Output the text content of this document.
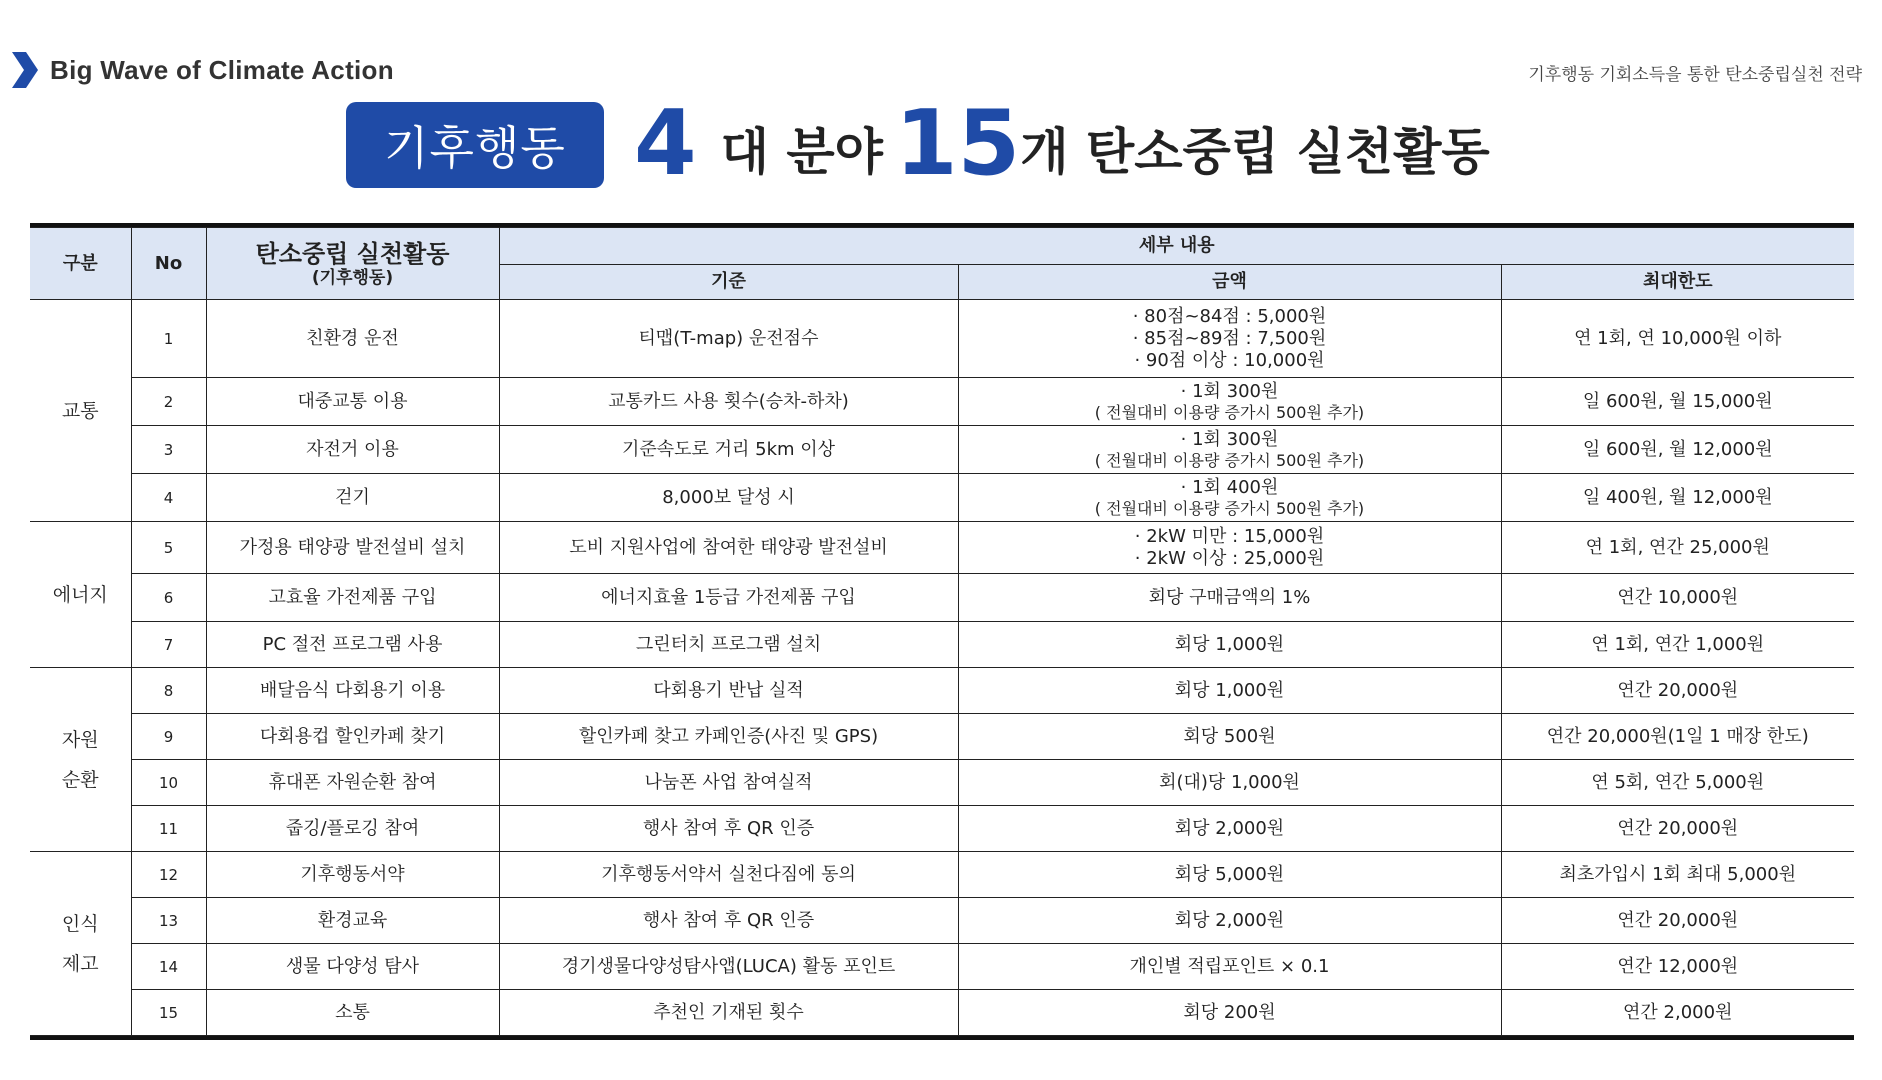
Big Wave of Climate Action	기후행동 기회소득을 통한 탄소중립실천 전략
기후행동 4 대 분야 15 개 탄소중립 실천활동
구분	No	탄소중립 실천활동
(기후행동)	세부 내용		
			기준	금액	최대한도
교통	1	친환경 운전	티맵(T-map) 운전점수	· 80점~84점 : 5,000원
· 85점~89점 : 7,500원
· 90점 이상 : 10,000원	연 1회, 연 10,000원 이하
	2	대중교통 이용	교통카드 사용 횟수(승차-하차)	· 1회 300원
( 전월대비 이용량 증가시 500원 추가)	일 600원, 월 15,000원
	3	자전거 이용	기준속도로 거리 5km 이상	· 1회 300원
( 전월대비 이용량 증가시 500원 추가)	일 600원, 월 12,000원
	4	걷기	8,000보 달성 시	· 1회 400원
( 전월대비 이용량 증가시 500원 추가)	일 400원, 월 12,000원
에너지	5	가정용 태양광 발전설비 설치	도비 지원사업에 참여한 태양광 발전설비	· 2kW 미만 : 15,000원
· 2kW 이상 : 25,000원	연 1회, 연간 25,000원
	6	고효율 가전제품 구입	에너지효율 1등급 가전제품 구입	회당 구매금액의 1%	연간 10,000원
	7	PC 절전 프로그램 사용	그린터치 프로그램 설치	회당 1,000원	연 1회, 연간 1,000원
자원
순환	8	배달음식 다회용기 이용	다회용기 반납 실적	회당 1,000원	연간 20,000원
	9	다회용컵 할인카페 찾기	할인카페 찾고 카페인증(사진 및 GPS)	회당 500원	연간 20,000원(1일 1 매장 한도)
	10	휴대폰 자원순환 참여	나눔폰 사업 참여실적	회(대)당 1,000원	연 5회, 연간 5,000원
	11	줍깅/플로깅 참여	행사 참여 후 QR 인증	회당 2,000원	연간 20,000원
인식
제고	12	기후행동서약	기후행동서약서 실천다짐에 동의	회당 5,000원	최초가입시 1회 최대 5,000원
	13	환경교육	행사 참여 후 QR 인증	회당 2,000원	연간 20,000원
	14	생물 다양성 탐사	경기생물다양성탐사앱(LUCA) 활동 포인트	개인별 적립포인트 × 0.1	연간 12,000원
	15	소통	추천인 기재된 횟수	회당 200원	연간 2,000원
